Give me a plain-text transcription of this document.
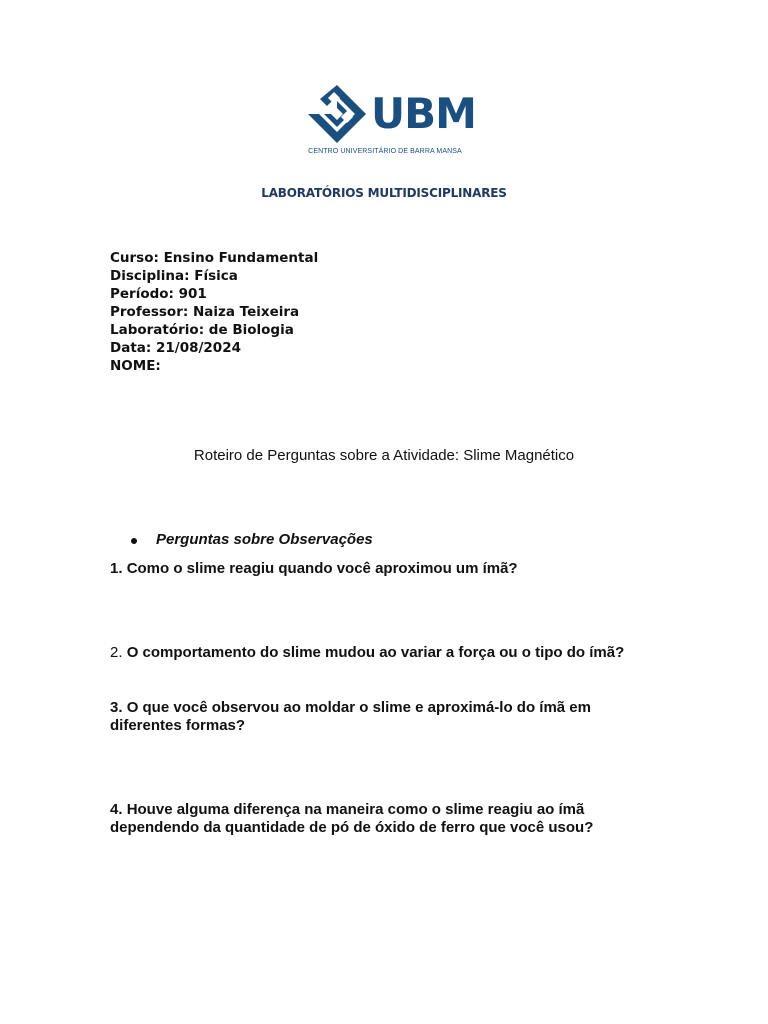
UBM
CENTRO UNIVERSITÁRIO DE BARRA MANSA
LABORATÓRIOS MULTIDISCIPLINARES
Curso: Ensino Fundamental
Disciplina: Física
Período: 901
Professor: Naiza Teixeira
Laboratório: de Biologia
Data: 21/08/2024
NOME:
Roteiro de Perguntas sobre a Atividade: Slime Magnético
Perguntas sobre Observações
1. Como o slime reagiu quando você aproximou um ímã?
2. O comportamento do slime mudou ao variar a força ou o tipo do ímã?
3. O que você observou ao moldar o slime e aproximá-lo do ímã em diferentes formas?
4. Houve alguma diferença na maneira como o slime reagiu ao ímã dependendo da quantidade de pó de óxido de ferro que você usou?
